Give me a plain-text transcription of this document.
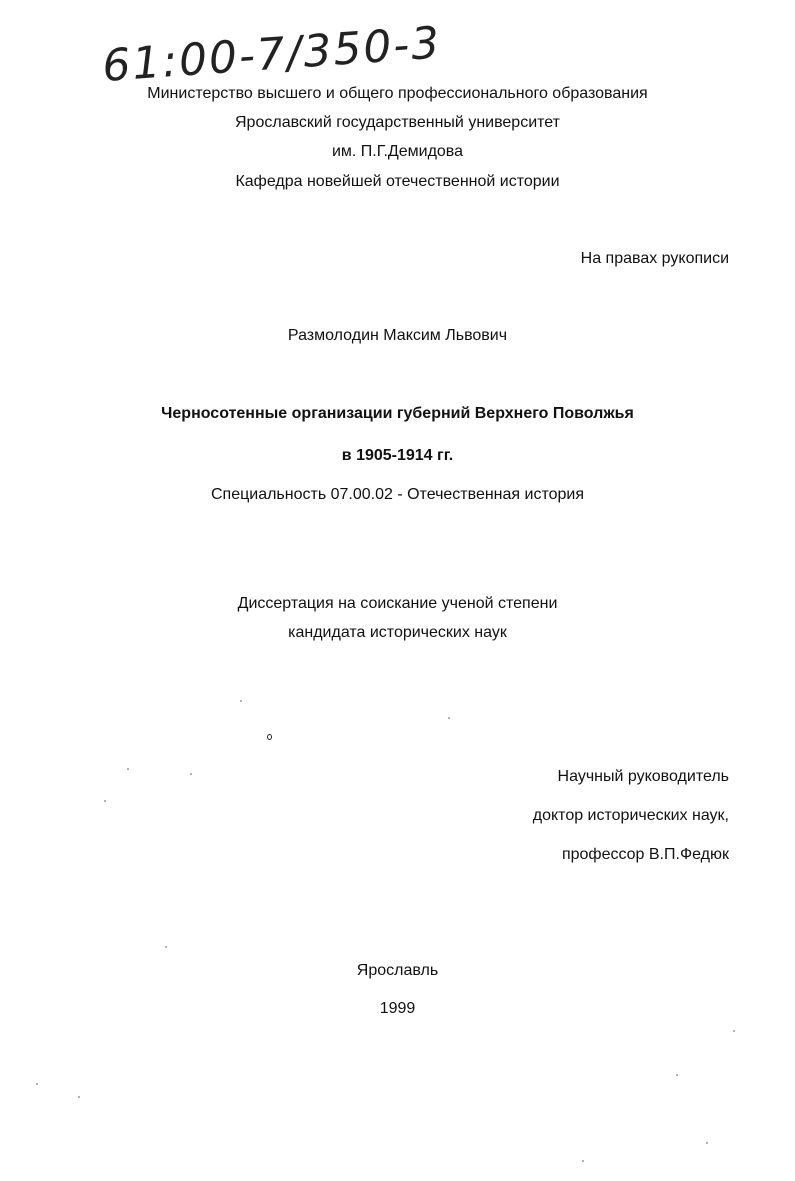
61:00-7/350-3
Министерство высшего и общего профессионального образования
Ярославский государственный университет
им. П.Г.Демидова
Кафедра новейшей отечественной истории
На правах рукописи
Размолодин Максим Львович
Черносотенные организации губерний Верхнего Поволжья
в 1905-1914 гг.
Специальность 07.00.02 - Отечественная история
Диссертация на соискание ученой степени
кандидата исторических наук
Научный руководитель
доктор исторических наук,
профессор В.П.Федюк
Ярославль
1999
